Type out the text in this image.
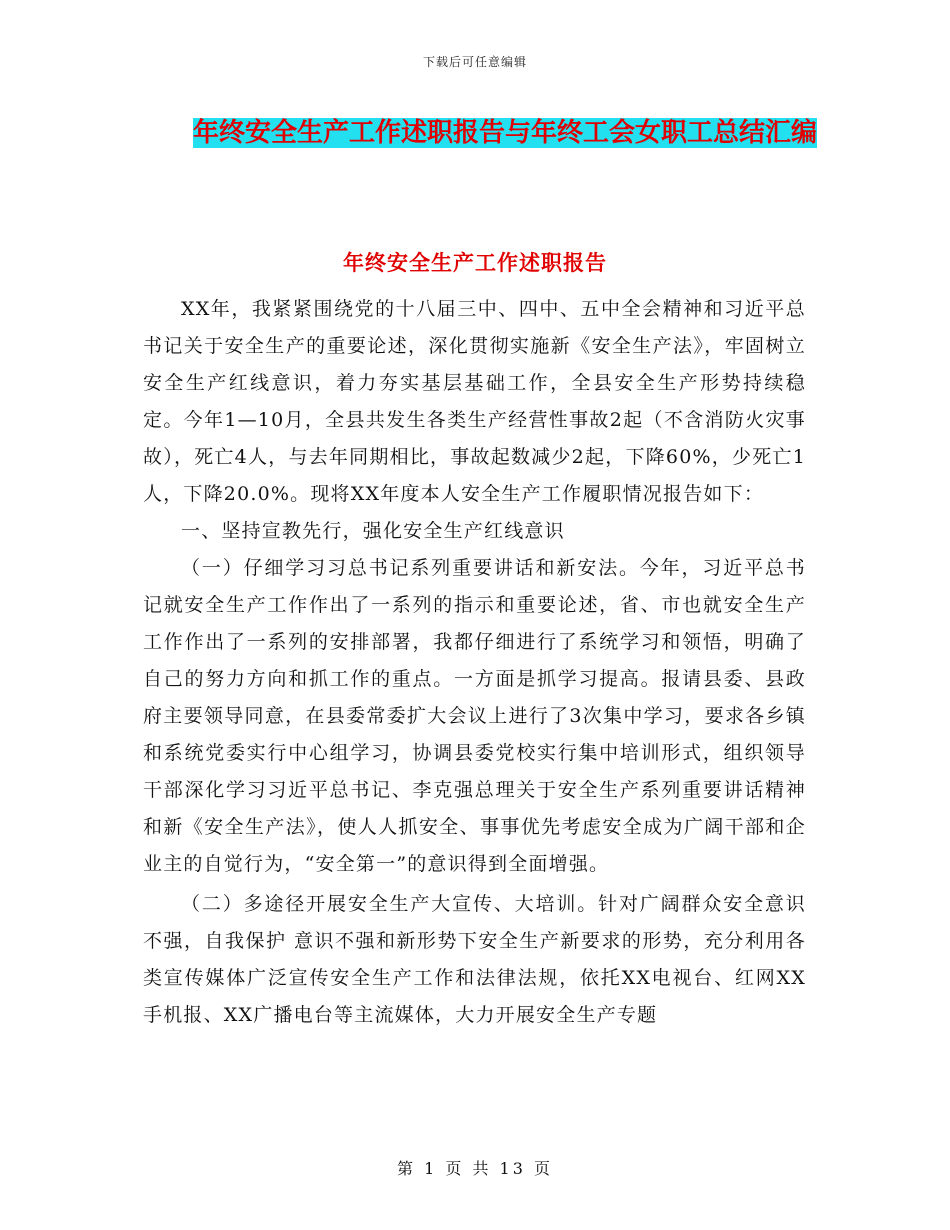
下载后可任意编辑
年终安全生产工作述职报告与年终工会女职工总结汇编
年终安全生产工作述职报告

XX年，我紧紧围绕党的十八届三中、四中、五中全会精神和习近平总书记关于安全生产的重要论述，深化贯彻实施新《安全生产法》，牢固树立安全生产红线意识，着力夯实基层基础工作，全县安全生产形势持续稳定。今年1—10月，全县共发生各类生产经营性事故2起（不含消防火灾事故），死亡4人，与去年同期相比，事故起数减少2起，下降60%，少死亡1人，下降20.0%。现将XX年度本人安全生产工作履职情况报告如下：

一、坚持宣教先行，强化安全生产红线意识

（一）仔细学习习总书记系列重要讲话和新安法。今年，习近平总书记就安全生产工作作出了一系列的指示和重要论述，省、市也就安全生产工作作出了一系列的安排部署，我都仔细进行了系统学习和领悟，明确了自己的努力方向和抓工作的重点。一方面是抓学习提高。报请县委、县政府主要领导同意，在县委常委扩大会议上进行了3次集中学习，要求各乡镇和系统党委实行中心组学习，协调县委党校实行集中培训形式，组织领导干部深化学习习近平总书记、李克强总理关于安全生产系列重要讲话精神和新《安全生产法》，使人人抓安全、事事优先考虑安全成为广阔干部和企业主的自觉行为，“安全第一”的意识得到全面增强。

（二）多途径开展安全生产大宣传、大培训。针对广阔群众安全意识不强，自我保护 意识不强和新形势下安全生产新要求的形势，充分利用各类宣传媒体广泛宣传安全生产工作和法律法规，依托XX电视台、红网XX手机报、XX广播电台等主流媒体，大力开展安全生产专题

第 1 页 共 13 页
